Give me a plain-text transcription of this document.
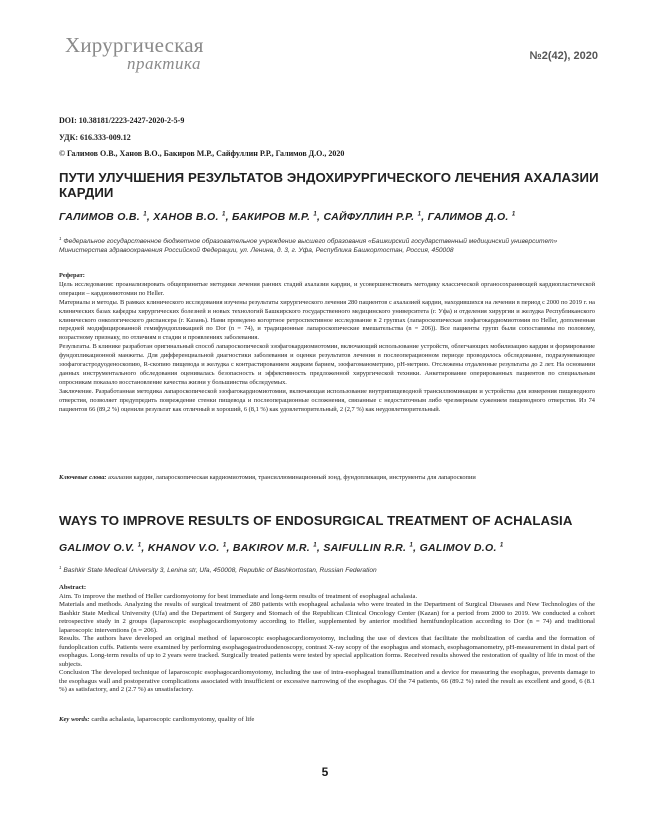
Хирургическая
практика	№2(42), 2020
DOI: 10.38181/2223-2427-2020-2-5-9
УДК: 616.333-009.12
© Галимов О.В., Ханов В.О., Бакиров М.Р., Сайфуллин Р.Р., Галимов Д.О., 2020
ПУТИ УЛУЧШЕНИЯ РЕЗУЛЬТАТОВ ЭНДОХИРУРГИЧЕСКОГО ЛЕЧЕНИЯ АХАЛАЗИИ КАРДИИ
ГАЛИМОВ О.В. $^1$, ХАНОВ В.О. $^1$, БАКИРОВ М.Р. $^1$, САЙФУЛЛИН Р.Р. $^1$, ГАЛИМОВ Д.О. $^1$
$^1$ Федеральное государственное бюджетное образовательное учреждение высшего образования «Башкирский государственный медицинский университет» Министерства здравоохранения Российской Федерации, ул. Ленина, д. 3, г. Уфа, Республика Башкортостан, Россия, 450008

Реферат:

Цель исследования: проанализировать общепринятые методики лечения ранних стадий ахалазии кардии, и усовершенствовать методику классической органосохраняющей кардиопластической операции – кардиомиотомии по Heller.

Материалы и методы. В рамках клинического исследования изучены результаты хирургического лечения 280 пациентов с ахалазией кардии, находившихся на лечении в период с 2000 по 2019 г. на клинических базах кафедры хирургических болезней и новых технологий Башкирского государственного медицинского университета (г. Уфа) и отделения хирургии и желудка Республиканского клинического онкологического диспансера (г. Казань). Нами проведено когортное ретроспективное исследование в 2 группах (лапароскопическая эзофагокардиомиотомия по Heller, дополненная передней модифицированной гемифундопликацией по Dor (n = 74), и традиционные лапароскопические вмешательства (n = 206)). Все пациенты групп были сопоставимы по половому, возрастному признаку, по отличиям в стадии и проявлениях заболевания.

Результаты. В клинике разработан оригинальный способ лапароскопической эзофагокардиомиотомии, включающий использование устройств, облегчающих мобилизацию кардии и формирование фундопликационной манжеты. Для дифференциальной диагностики заболевания и оценки результатов лечения в послеоперационном периоде проводилось обследование, подразумевающее эзофагогастродуоденоскопию, R-скопию пищевода и желудка с контрастированием жидким барием, эзофагоманометрию, рН-метрию. Отслежены отдаленные результаты до 2 лет. На основании данных инструментального обследования оценивалась безопасность и эффективность предложенной хирургической техники. Анкетирование оперированных пациентов по специальным опросникам показало восстановление качества жизни у большинства обследуемых.

Заключение. Разработанная методика лапароскопической эзофагокардиомиотомии, включающая использование внутрипищеводной трансиллюминации и устройства для измерения пищеводного отверстия, позволяет предупредить повреждение стенки пищевода и послеоперационные осложнения, связанные с недостаточным либо чрезмерным сужением пищеводного отверстия. Из 74 пациентов 66 (89,2 %) оценили результат как отличный и хороший, 6 (8,1 %) как удовлетворительный, 2 (2,7 %) как неудовлетворительный.

Ключевые слова: ахалазия кардии, лапароскопическая кардиомиотомия, трансиллюминационный зонд, фундопликация, инструменты для лапароскопии
WAYS TO IMPROVE RESULTS OF ENDOSURGICAL TREATMENT OF ACHALASIA
GALIMOV O.V. $^1$, KHANOV V.O. $^1$, BAKIROV M.R. $^1$, SAIFULLIN R.R. $^1$, GALIMOV D.O. $^1$
$^1$ Bashkir State Medical University 3, Lenina str, Ufa, 450008, Republic of Bashkortostan, Russian Federation

Abstract:

Aim. To improve the method of Heller cardiomyotomy for best immediate and long-term results of treatment of esophageal achalasia.

Materials and methods. Analyzing the results of surgical treatment of 280 patients with esophageal achalasia who were treated in the Department of Surgical Diseases and New Technologies of the Bashkir State Medical University (Ufa) and the Department of Surgery and Stomach of the Republican Clinical Oncology Center (Kazan) for a period from 2000 to 2019. We conducted a cohort retrospective study in 2 groups (laparoscopic esophagocardiomyotomy according to Heller, supplemented by anterior modified hemifundoplication according to Dor (n = 74) and traditional laparoscopic interventions (n = 206).

Results. The authors have developed an original method of laparoscopic esophagocardiomyotomy, including the use of devices that facilitate the mobilization of cardia and the formation of fundoplication cuffs. Patients were examined by performing esophagogastroduodenoscopy, contrast X-ray scopy of the esophagus and stomach, esophagomanometry, pH-measurement in distal part of esophagus. Long-term results of up to 2 years were tracked. Surgically treated patients were tested by special application forms. Received results showed the restoration of quality of life in most of the subjects.

Conclusion The developed technique of laparoscopic esophagocardiomyotomy, including the use of intra-esophageal transillumination and a device for measuring the esophagus, prevents damage to the esophagus wall and postoperative complications associated with insufficient or excessive narrowing of the esophagus. Of the 74 patients, 66 (89.2 %) rated the result as excellent and good, 6 (8.1 %) as satisfactory, and 2 (2.7 %) as unsatisfactory.

Key words: cardia achalasia, laparoscopic cardiomyotomy, quality of life
5
